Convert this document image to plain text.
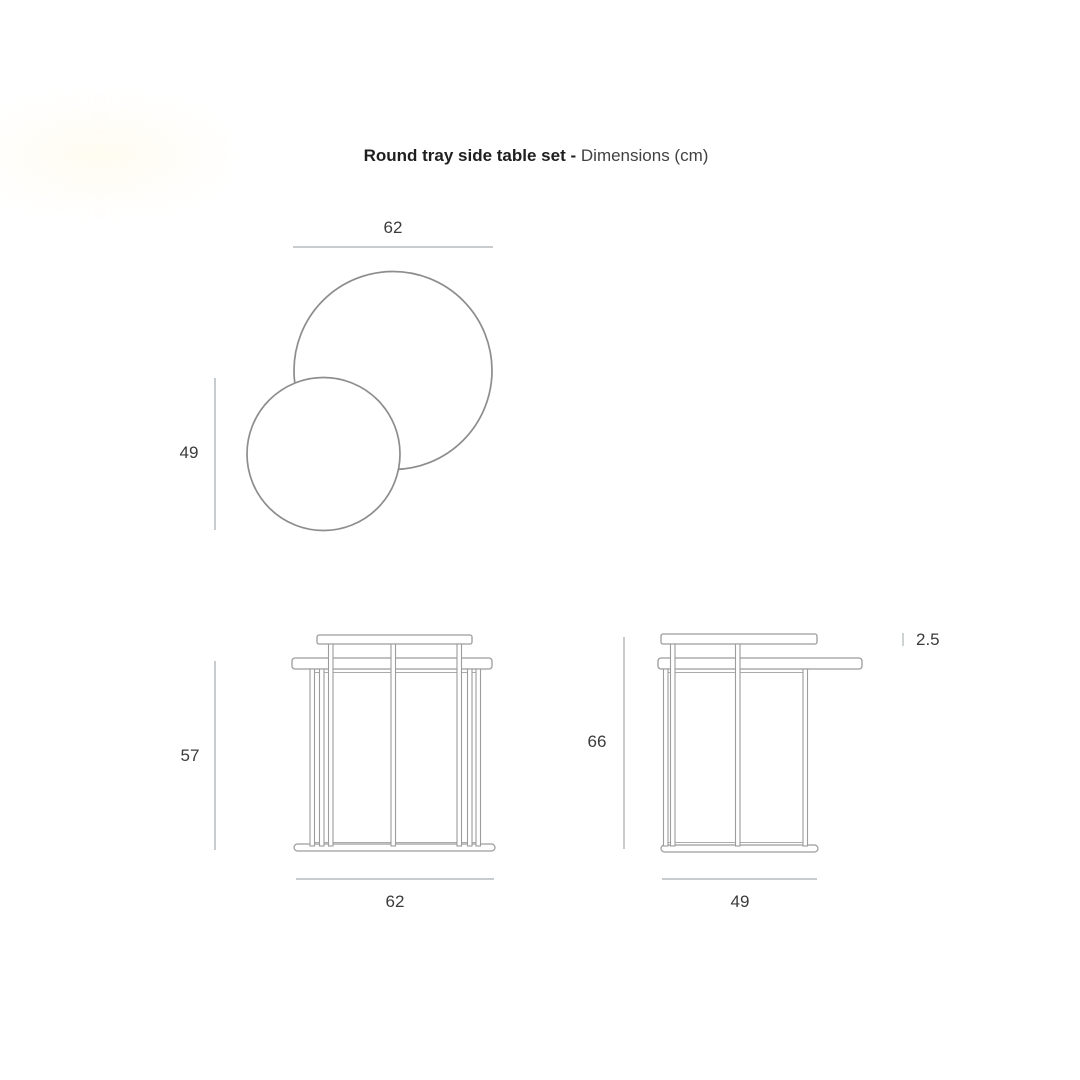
Round tray side table set - Dimensions (cm)
62
49
57
62
66
49
2.5
